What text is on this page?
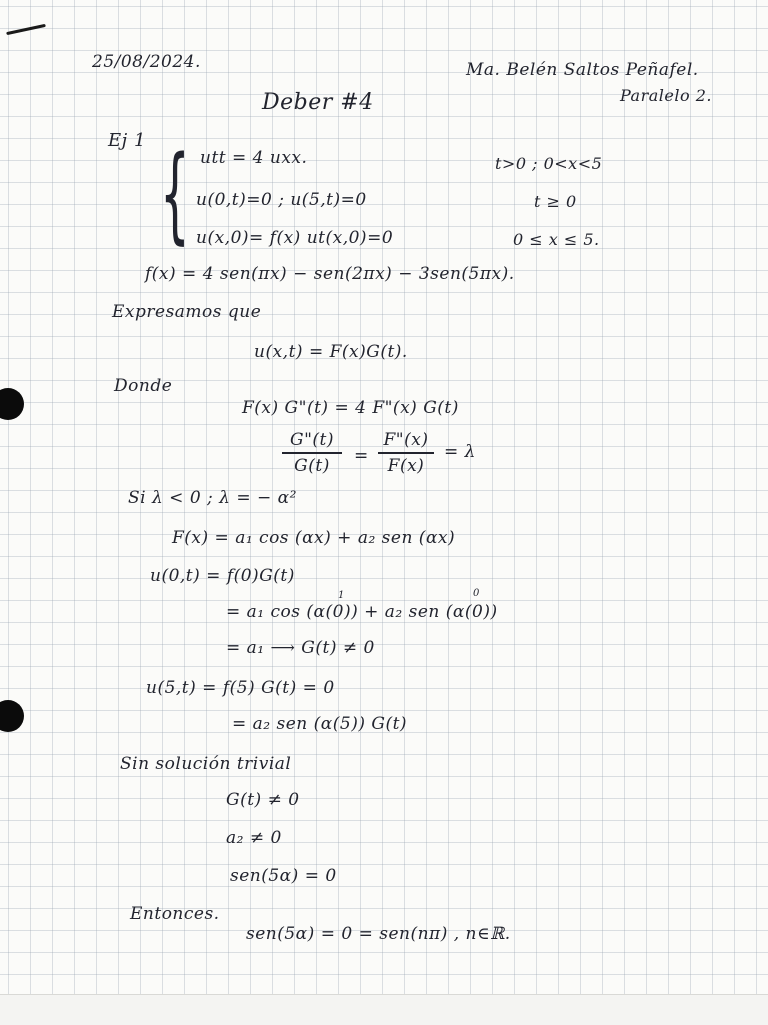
25/08/2024.	Ma. Belén Saltos Peñafel.
Paralelo 2.
Deber #4
Ej 1 { utt = 4 uxx.	t>0 ; 0<x<5
u(0,t)=0 ; u(5,t)=0	t ≥ 0
u(x,0)= f(x) ut(x,0)=0	0 ≤ x ≤ 5.
f(x) = 4 sen(πx) − sen(2πx) − 3sen(5πx).
Expresamos que
u(x,t) = F(x)G(t).
Donde
F(x) G"(t) = 4 F"(x) G(t)
G"(t)
G(t)	=
F"(x)
F(x)
= λ
Si λ < 0 ; λ = − α²
F(x) = a₁ cos (αx) + a₂ sen (αx)
u(0,t) = f(0)G(t)
1	0
= a₁ cos (α(0)) + a₂ sen (α(0))
= a₁ ⟶ G(t) ≠ 0
u(5,t) = f(5) G(t) = 0
= a₂ sen (α(5)) G(t)
Sin solución trivial
G(t) ≠ 0
a₂ ≠ 0
sen(5α) = 0
Entonces.
sen(5α) = 0 = sen(nπ) , n∈ℝ.
